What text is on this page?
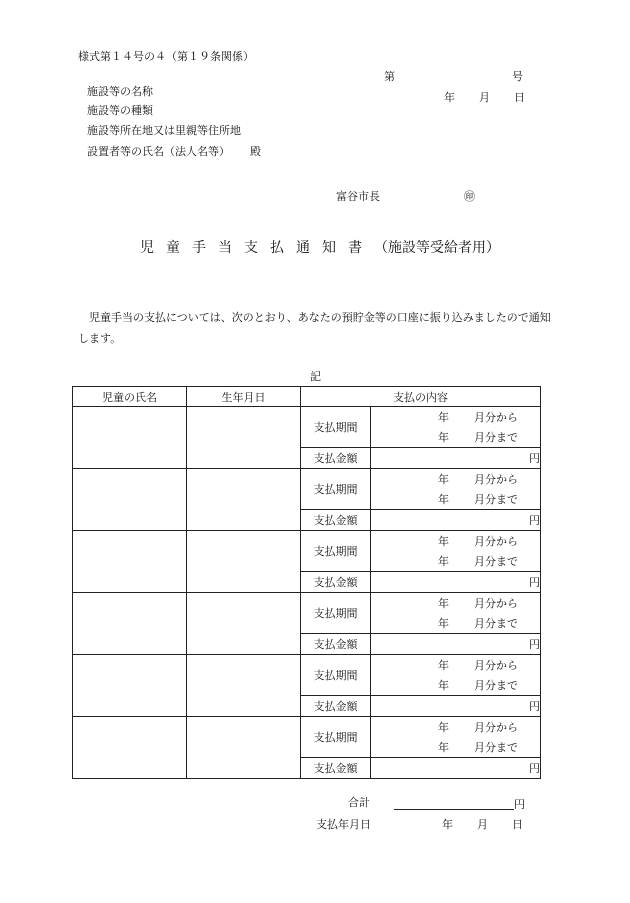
様式第１４号の４（第１９条関係）
第	号
年 月 日
施設等の名称
施設等の種類
施設等所在地又は里親等住所地
設置者等の氏名（法人名等） 殿
富谷市長	㊞
児童手当支払通知書（施設等受給者用）
児童手当の支払については、次のとおり、あなたの預貯金等の口座に振り込みましたので通知します。
記
児童の氏名	生年月日	支払の内容	
		支払期間	年 月分から
年 月分まで

		支払金額	円
		支払期間	年 月分から
年 月分まで

		支払金額	円
		支払期間	年 月分から
年 月分まで

		支払金額	円
		支払期間	年 月分から
年 月分まで

		支払金額	円
		支払期間	年 月分から
年 月分まで

		支払金額	円
		支払期間	年 月分から
年 月分まで

		支払金額	円
合計	円
支払年月日	年 月 日
